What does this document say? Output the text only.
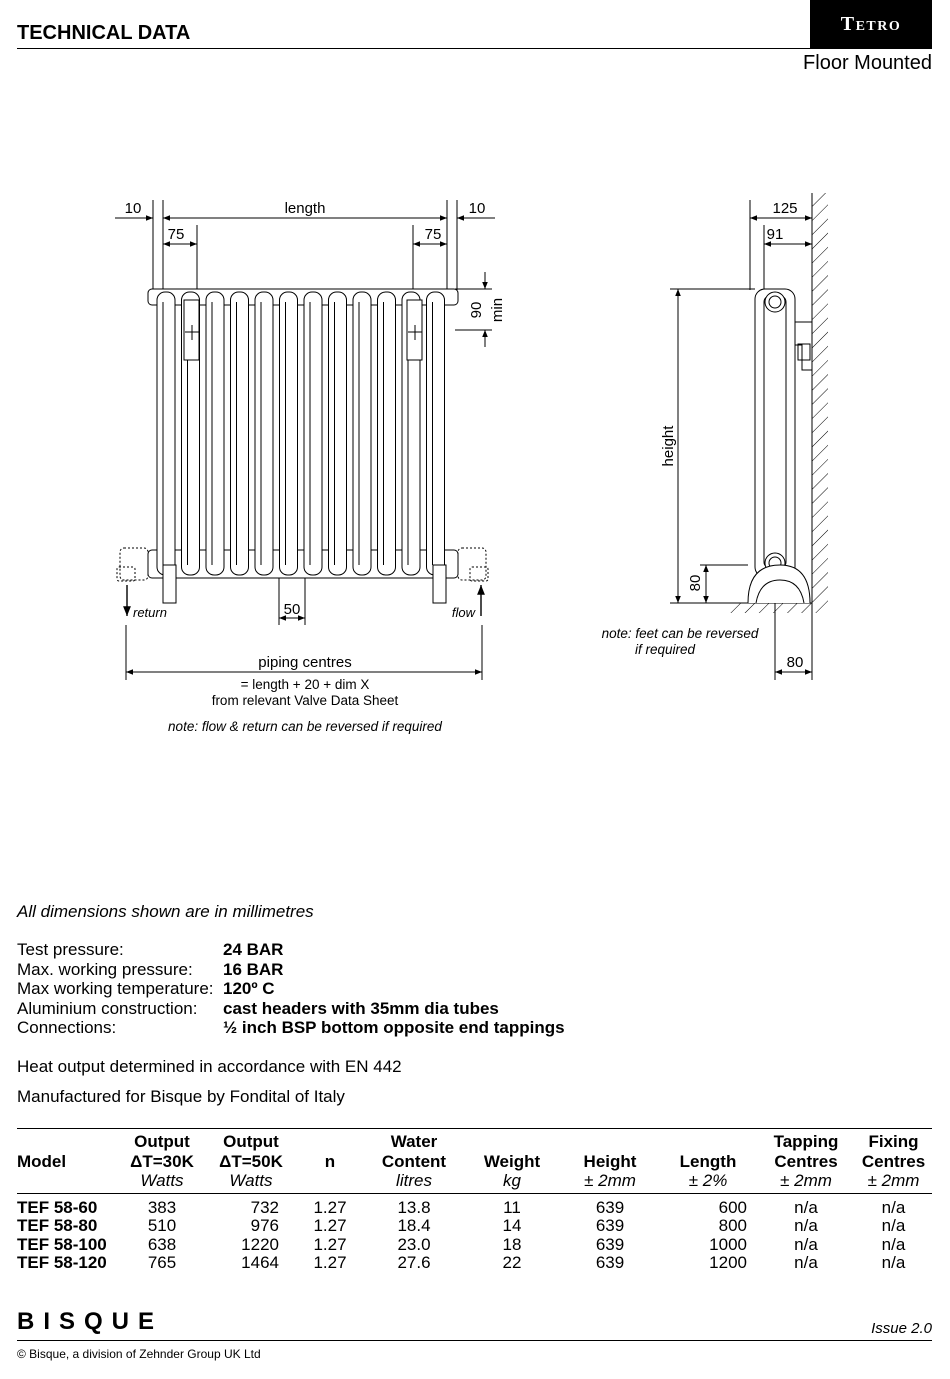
TECHNICAL DATA	Tetro
Floor Mounted
10	length	10
75	75
90 min
50
return	flow
piping centres
= length + 20 + dim X
from relevant Valve Data Sheet
note: flow & return can be reversed if required
125
91
height
80
80
note: feet can be reversed
if required
All dimensions shown are in millimetres
Test pressure:	24 BAR
Max. working pressure: 16 BAR
Max working temperature: 120º C
Aluminium construction: cast headers with 35mm dia tubes
Connections:	½ inch BSP bottom opposite end tappings
Heat output determined in accordance with EN 442
Manufactured for Bisque by Fondital of Italy
	Output	Output		Water				Tapping	Fixing
Model	ΔT=30K	ΔT=50K	n	Content	Weight	Height	Length	Centres	Centres
	Watts	Watts		litres	kg	± 2mm	± 2%	± 2mm	± 2mm
TEF 58-60	383	732	1.27	13.8	11	639	600	n/a	n/a
TEF 58-80	510	976	1.27	18.4	14	639	800	n/a	n/a
TEF 58-100	638	1220	1.27	23.0	18	639	1000	n/a	n/a
TEF 58-120	765	1464	1.27	27.6	22	639	1200	n/a	n/a
BISQUE	Issue 2.0
© Bisque, a division of Zehnder Group UK Ltd
